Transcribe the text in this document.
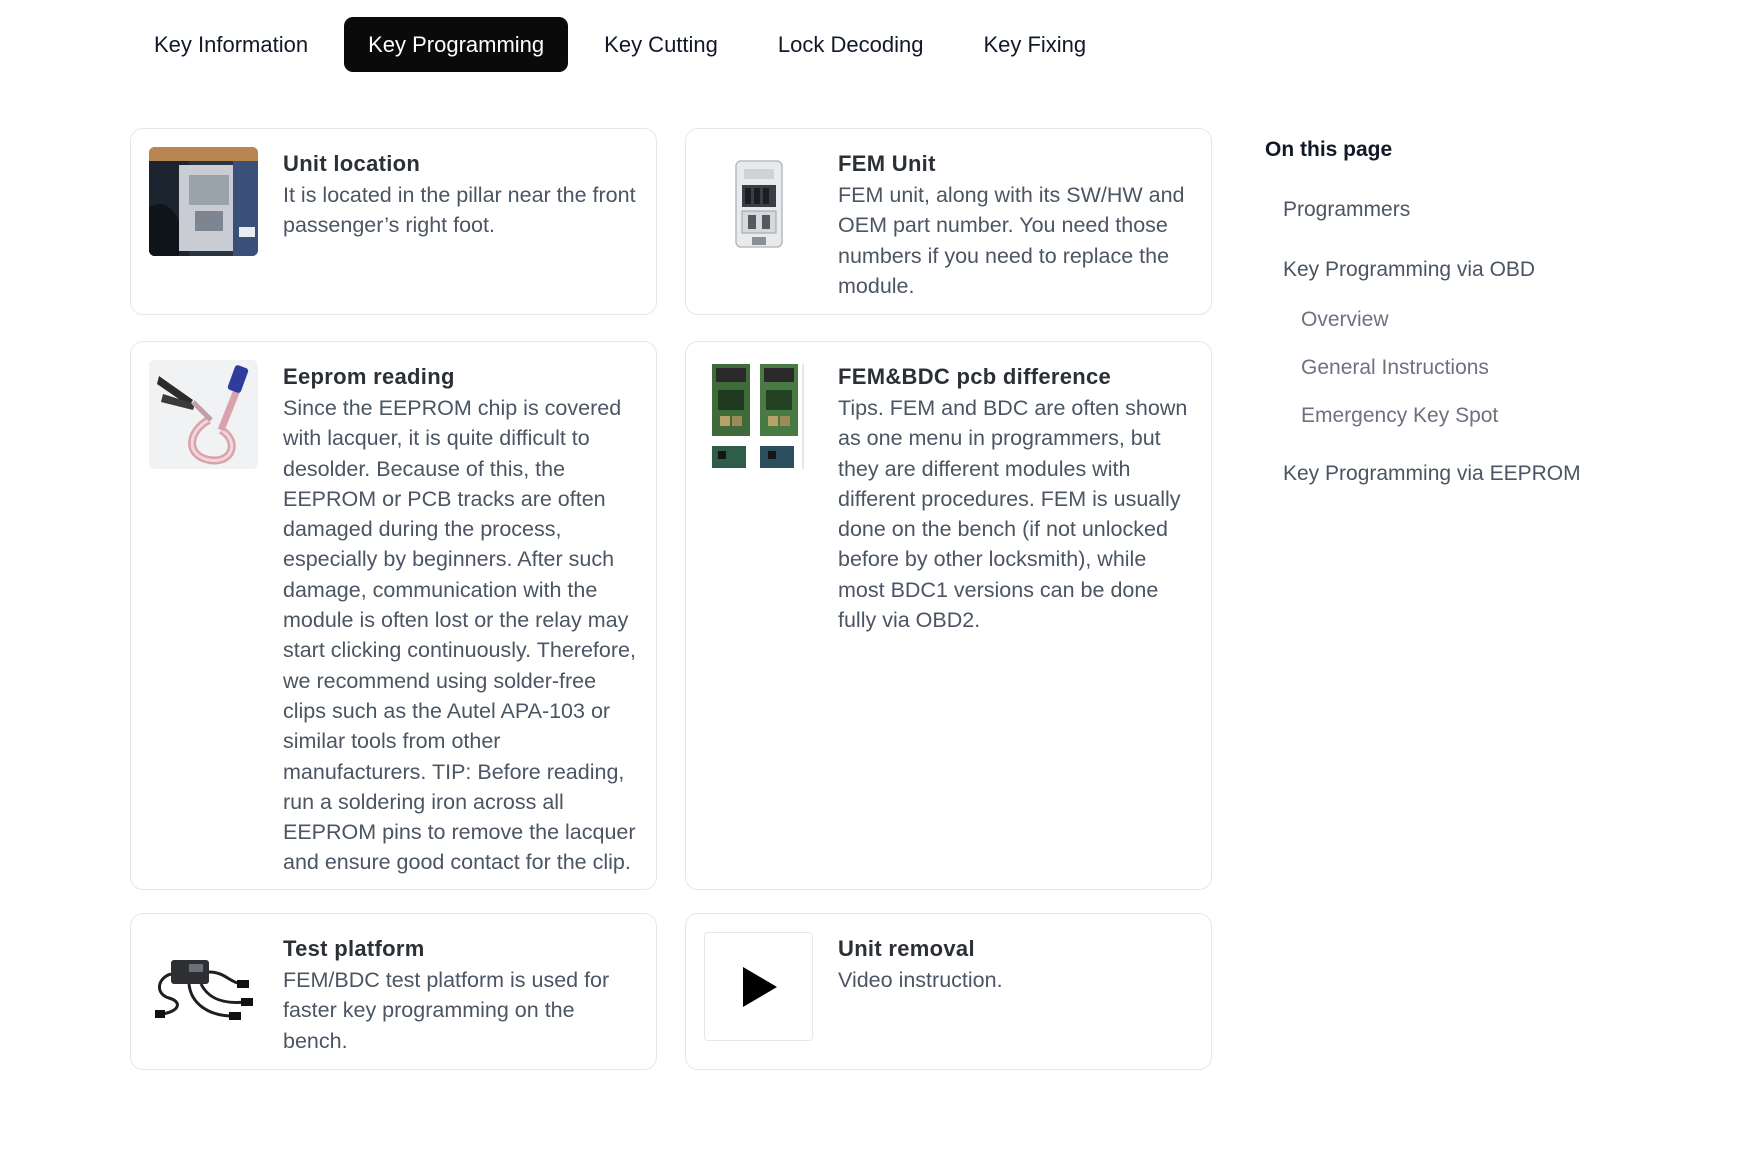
Key Information	Key Programming	Key Cutting	Lock Decoding	Key Fixing
Unit location
It is located in the pillar near the front passenger’s right foot.
FEM Unit
FEM unit, along with its SW/HW and OEM part number. You need those numbers if you need to replace the module.
Eeprom reading
Since the EEPROM chip is covered with lacquer, it is quite difficult to desolder. Because of this, the EEPROM or PCB tracks are often damaged during the process, especially by beginners. After such damage, communication with the module is often lost or the relay may start clicking continuously. Therefore, we recommend using solder-free clips such as the Autel APA-103 or similar tools from other manufacturers. TIP: Before reading, run a soldering iron across all EEPROM pins to remove the lacquer and ensure good contact for the clip.
FEM&BDC pcb difference
Tips. FEM and BDC are often shown as one menu in programmers, but they are different modules with different procedures. FEM is usually done on the bench (if not unlocked before by other locksmith), while most BDC1 versions can be done fully via OBD2.
Test platform
FEM/BDC test platform is used for faster key programming on the bench.
Unit removal
Video instruction.
On this page
Programmers
Key Programming via OBD
Overview
General Instructions
Emergency Key Spot
Key Programming via EEPROM
